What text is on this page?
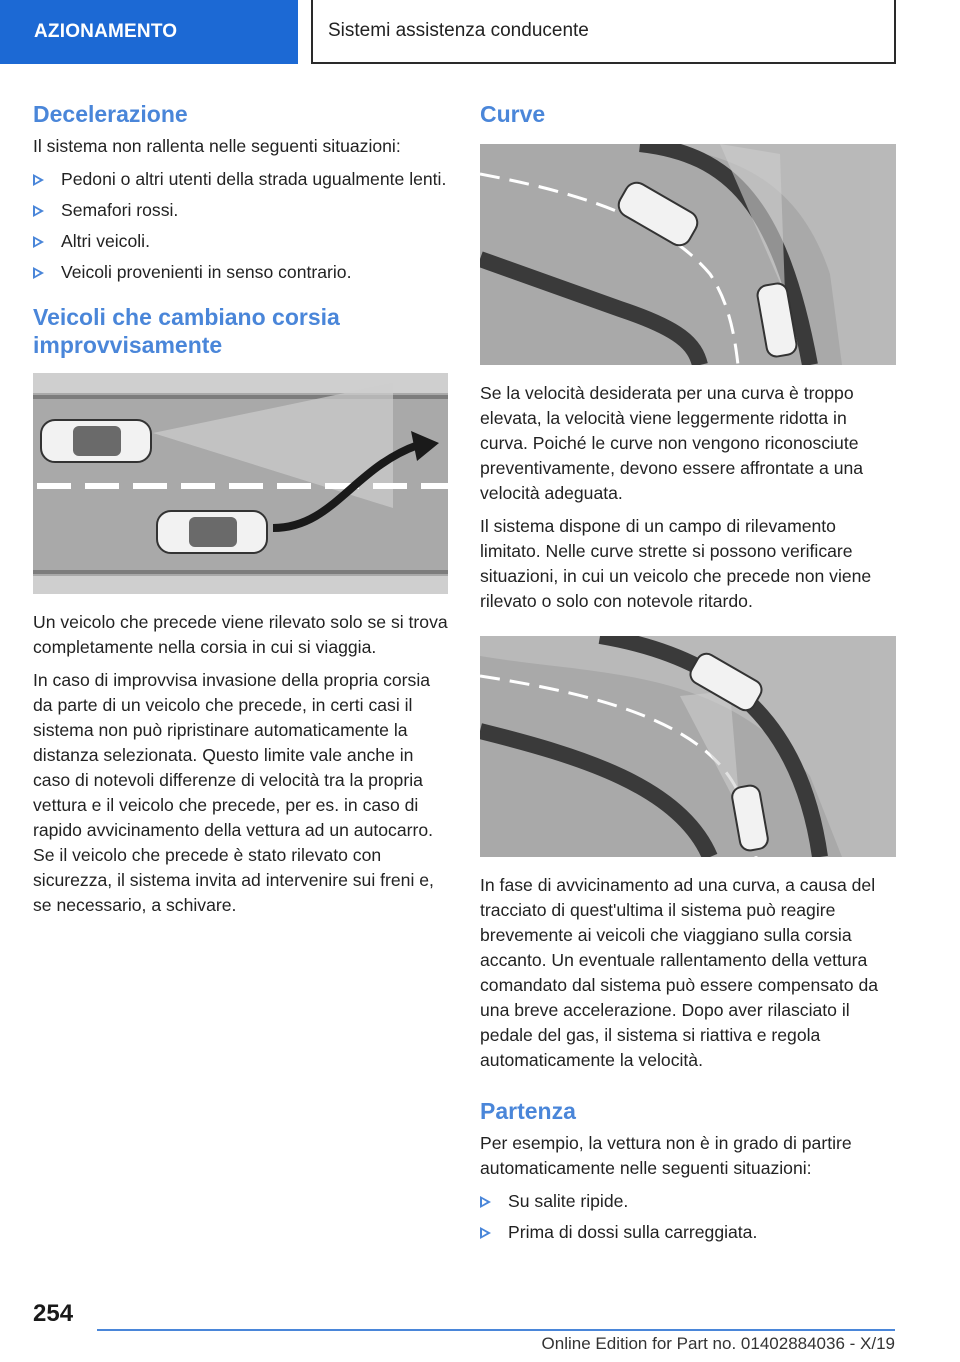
AZIONAMENTO	Sistemi assistenza conducente
Decelerazione

Il sistema non rallenta nelle seguenti situazioni:

Pedoni o altri utenti della strada ugualmente lenti.
Semafori rossi.
Altri veicoli.
Veicoli provenienti in senso contrario.
Veicoli che cambiano corsia improvvisamente

Un veicolo che precede viene rilevato solo se si trova completamente nella corsia in cui si viaggia.

In caso di improvvisa invasione della propria corsia da parte di un veicolo che precede, in certi casi il sistema non può ripristinare automaticamente la distanza selezionata. Questo limite vale anche in caso di notevoli differenze di velocità tra la propria vettura e il veicolo che precede, per es. in caso di rapido avvicinamento della vettura ad un autocarro. Se il veicolo che precede è stato rilevato con sicurezza, il sistema invita ad intervenire sui freni e, se necessario, a schivare.

Curve

Se la velocità desiderata per una curva è troppo elevata, la velocità viene leggermente ridotta in curva. Poiché le curve non vengono riconosciute preventivamente, devono essere affrontate a una velocità adeguata.

Il sistema dispone di un campo di rilevamento limitato. Nelle curve strette si possono verificare situazioni, in cui un veicolo che precede non viene rilevato o solo con notevole ritardo.

In fase di avvicinamento ad una curva, a causa del tracciato di quest'ultima il sistema può reagire brevemente ai veicoli che viaggiano sulla corsia accanto. Un eventuale rallentamento della vettura comandato dal sistema può essere compensato da una breve accelerazione. Dopo aver rilasciato il pedale del gas, il sistema si riattiva e regola automaticamente la velocità.

Partenza

Per esempio, la vettura non è in grado di partire automaticamente nelle seguenti situazioni:

Su salite ripide.
Prima di dossi sulla carreggiata.
254
Online Edition for Part no. 01402884036 - X/19
